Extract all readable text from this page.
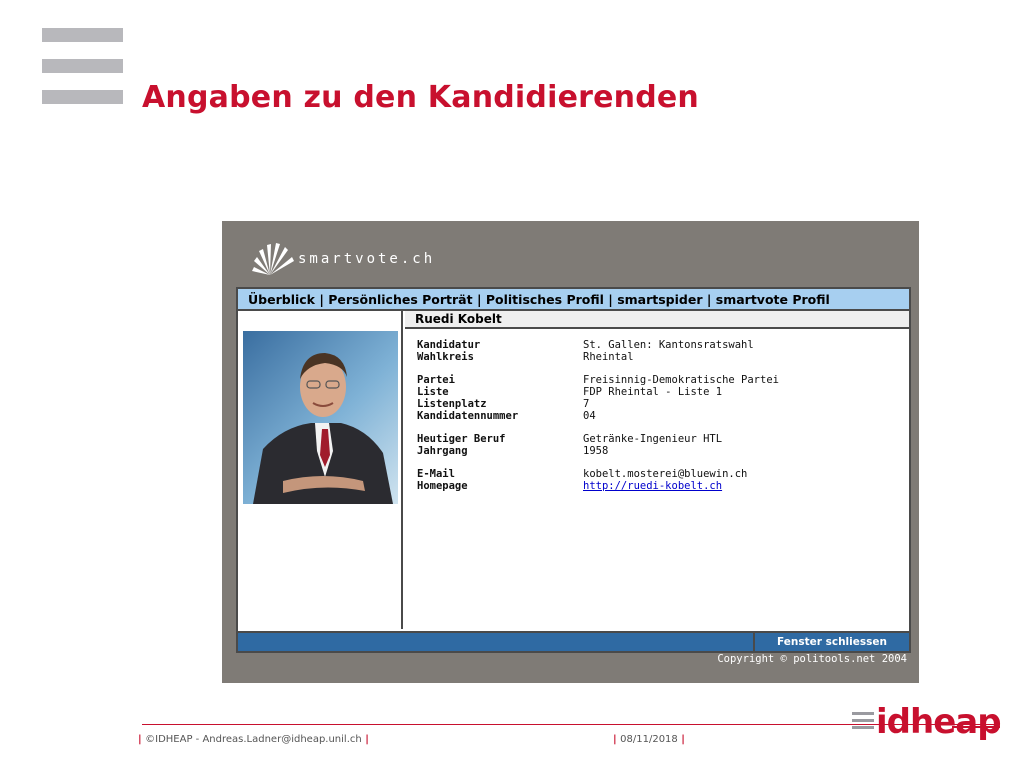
Angaben zu den Kandidierenden
smartvote.ch
Überblick | Persönliches Porträt | Politisches Profil | smartspider | smartvote Profil
Ruedi Kobelt
Kandidatur	St. Gallen: Kantonsratswahl
Wahlkreis	Rheintal
Partei	Freisinnig-Demokratische Partei
Liste	FDP Rheintal - Liste 1
Listenplatz	7
Kandidatennummer	04
Heutiger Beruf	Getränke-Ingenieur HTL
Jahrgang	1958
E-Mail	kobelt.mosterei@bluewin.ch
Homepage	http://ruedi-kobelt.ch
Fenster schliessen
Copyright © politools.net 2004
| ©IDHEAP - Andreas.Ladner@idheap.unil.ch |	| 08/11/2018 |	idheap
